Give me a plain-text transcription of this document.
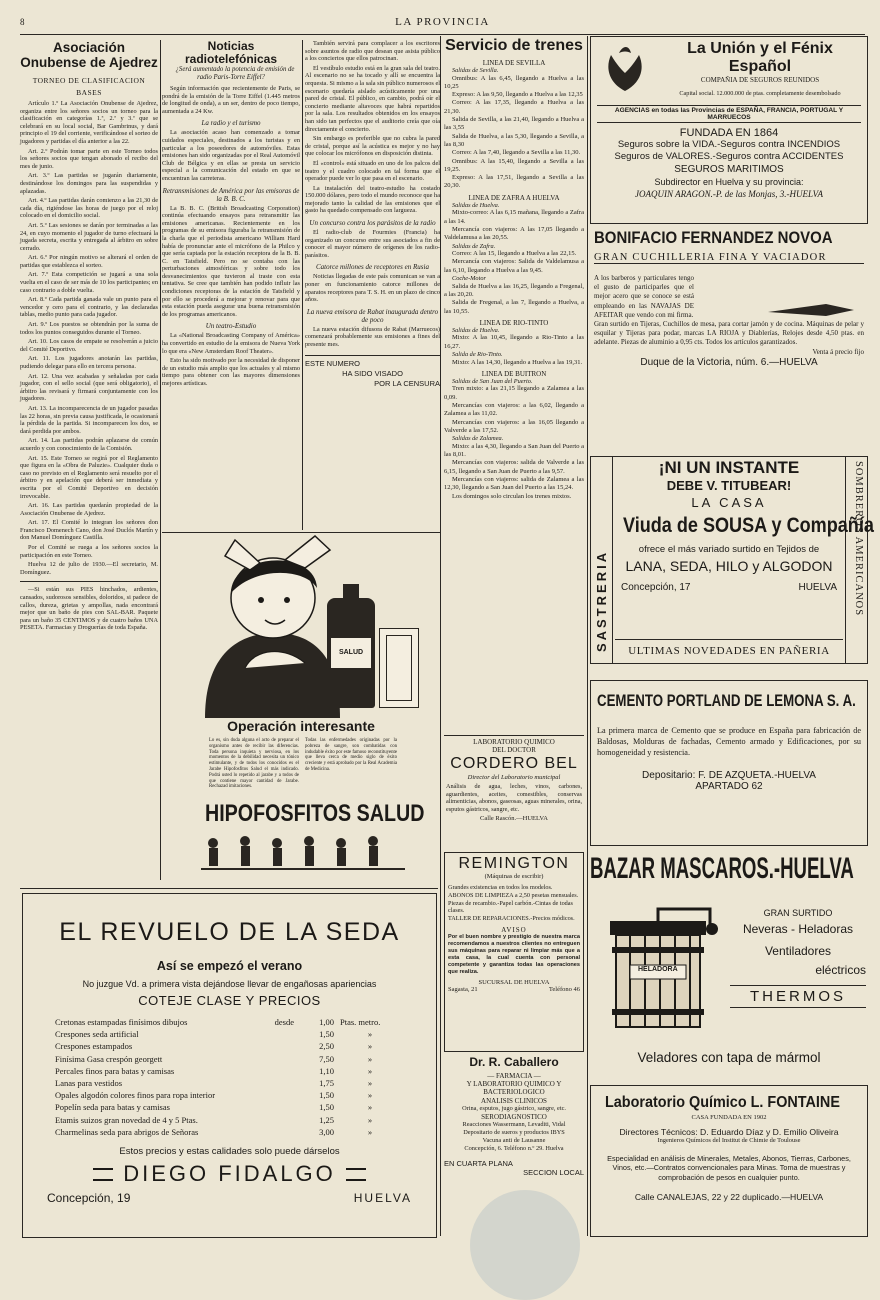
8	LA PROVINCIA
Asociación Onubense de Ajedrez
TORNEO DE CLASIFICACION
BASES

Artículo 1.º La Asociación Onubense de Ajedrez, organiza entre los señores socios un torneo para la clasificación en categorías 1.ª, 2.ª y 3.ª que se celebrará en su local social, Bar Gambrinus, y dará principio el 19 del corriente, verificándose el sorteo de jugadores y partidas el día anterior a las 22.

Art. 2.º Podrán tomar parte en este Torneo todos los señores socios que tengan abonado el recibo del mes de junio.

Art. 3.º Las partidas se jugarán diariamente, destinándose los domingos para las suspendidas y aplazadas.

Art. 4.º Las partidas darán comienzo a las 21,30 de cada día, rigiéndose las horas de juego por el reloj colocado en el domicilio social.

Art. 5.º Las sesiones se darán por terminadas a las 24, en cuyo momento el jugador de turno efectuará la jugada secreta, escrita y entregada al árbitro en sobre cerrado.

Art. 6.º Por ningún motivo se alterará el orden de partidas que establezca el sorteo.

Art. 7.º Esta competición se jugará a una sola vuelta en el caso de ser más de 10 los participantes; en caso contrario a doble vuelta.

Art. 8.º Cada partida ganada vale un punto para el vencedor y cero para el contrario, y las declaradas tablas, medio punto para cada jugador.

Art. 9.º Los puestos se obtendrán por la suma de todos los puntos conseguidos durante el Torneo.

Art. 10. Los casos de empate se resolverán a juicio del Comité Deportivo.

Art. 11. Los jugadores anotarán las partidas, pudiendo delegar para ello en tercera persona.

Art. 12. Una vez acabadas y señaladas por cada jugador, con el sello social (que será obligatorio), el árbitro las revisará y firmará conjuntamente con los jugadores.

Art. 13. La incomparecencia de un jugador pasadas las 22 horas, sin previa causa justificada, le ocasionará la pérdida de la partida. Si incomparecen los dos, se dará perdida por ambos.

Art. 14. Las partidas podrán aplazarse de común acuerdo y con conocimiento de la Comisión.

Art. 15. Este Torneo se regirá por el Reglamento que figura en la «Obra de Paluzie». Cualquier duda o caso no previsto en el Reglamento será resuelto por el árbitro y en apelación que deberá ser inmediata y escrita por el Comité Deportivo en decisión irrevocable.

Art. 16. Las partidas quedarán propiedad de la Asociación Onubense de Ajedrez.

Art. 17. El Comité lo integran los señores don Francisco Domenech Cano, don José Duclós Martín y don Manuel Domínguez Castilla.

Por el Comité se ruega a los señores socios la participación en este Torneo.

Huelva 12 de julio de 1930.—El secretario, M. Domínguez.

—Si están sus PIES hinchados, ardientes, cansados, sudorosos sensibles, doloridos, si padece de callos, dureza, grietas y ampollas, nada encontrará mejor que un baño de pies con SAL-BAR. Paquete para un baño 35 CENTIMOS y de cuatro baños UNA PESETA. Farmacias y Droguerías de toda España.

Noticias radiotelefónicas

¿Será aumentado la potencia de emisión de radio Paris-Torre Eiffel?

Según información que recientemente de Paris, se pondrá de la emisión de la Torre Eiffel (1.445 metros de longitud de onda), a un ser, dentro de poco tiempo, aumentada a 24 Kw.

La radio y el turismo

La asociación acaso han comenzado a tomar cuidados especiales, destinados a los turistas y en particular a los poseedores de automóviles. Estas emisiones han sido organizadas por el Real Automóvil Club de Bélgica y en ellas se presta un servicio especial a la comunicación del estado en que se encuentran las carreteras.

Retransmisiones de América por las emisoras de la B. B. C.

La B. B. C. (British Broadcasting Corporation) continúa efectuando ensayos para retransmitir las emisiones americanas. Recientemente en los programas de su emisora figuraba la retransmisión de la charla que el periodista americano William Hard había de pronunciar ante el micrófono de la Philco y que sería captada por la estación receptora de la B. B. C. en Tatsfield. Pero no se contaba con las perturbaciones atmosféricas y sobre todo los desvanecimientos que tuvieron al traste con esta tentativa. Se cree que también han podido influir las condiciones receptoras de la estación de Tatsfield y por ello se procederá a mejorar y renovar para que esta estación pueda asegurar una buena retransmisión de los programas americanos.

Un teatro-Estudio

La «National Broadcasting Company of América» ha convertido en estudio de la emisora de Nueva York lo que era «New Amsterdam Roof Theater».

Esto ha sido motivado por la necesidad de disponer de un estudio más amplio que los actuales y al mismo tiempo para obtener con las mayores dimensiones mejores artísticas.

También servirá para complacer a los escritores sobre asuntos de radio que desean que asista público a los conciertos que ellos patrocinan.

El vestíbulo estudio está en la gran sala del teatro. Al escenario no se ha tocado y allí se encuentra la orquesta. Si mismo a la sala sin público numerosos el escenario quedaría aislado acústicamente por una pared de cristal. El público, en cambio, podrá oír el concierto mediante altavoces que habrá repartidos por la sala. Los resultados obtenidos en los ensayos han sido tan perfectos que el auditorio creía que oía directamente el concierto.

Sin embargo es preferible que no cubra la pared de cristal, porque así la acústica es mejor y no hay que colocar los micrófonos en disposición distinta.

El «control» está situado en uno de los palcos del teatro y el cuadro colocado en tal forma que el operador puede ver lo que pasa en el escenario.

La instalación del teatro-estudio ha costado 150.000 dólares, pero todo el mundo reconoce que ha mejorado tanto la calidad de las emisiones que el gasto ha quedado compensado con largueza.

Un concurso contra los parásitos de la radio

El radio-club de Fourmies (Francia) ha organizado un concurso entre sus asociados a fin de conocer el mayor número de orígenes de los radio-parásitos.

Catorce millones de receptores en Rusia

Noticias llegadas de este país comunican se van a poner en funcionamiento catorce millones de aparatos receptores para T. S. H. en un plazo de cinco años.

La nueva emisora de Rabat inaugurada dentro de poco

La nueva estación difusora de Rabat (Marruecos) comenzará probablemente sus emisiones a fines del presente mes.

ESTE NUMERO
HA SIDO VISADO
POR LA CENSURA
SALUD
Operación interesante
Lo es, sin duda alguna el acto de preparar el organismo antes de recibir las diferencias. Toda persona inquieta y nerviosa, en los momentos de la debilidad necesita un tónico estimulante, y de todos los conocidos es el Jarabe Hipofosfitos Salud el más indicado. Podrá usted lo repetido al jarabe y a todos de que contiene mayor cantidad de Jarabe. Rechazad imitaciones.
Todas las enfermedades originadas por la pobreza de sangre, son combatidas con indudable éxito por este famoso reconstituyente que lleva cerca de medio siglo de éxito creciente y está aprobado por la Real Academia de Medicina.
HIPOFOSFITOS SALUD
Servicio de trenes
LINEA DE SEVILLA

Salidas de Sevilla.

Omnibus: A las 6,45, llegando a Huelva a las 10,25

Expreso: A las 9,50, llegando a Huelva a las 12,35

Correo: A las 17,35, llegando a Huelva a las 21,30.

Salida de Sevilla, a las 21,40, llegando a Huelva a las 3,55

Salida de Huelva, a las 5,30, llegando a Sevilla, a las 8,30

Correo: A las 7,40, llegando a Sevilla a las 11,30.

Omnibus: A las 15,40, llegando a Sevilla a las 19,25.

Expreso: A las 17,51, llegando a Sevilla a las 20,30.

LINEA DE ZAFRA A HUELVA

Salidas de Huelva.

Mixto-correo: A las 6,15 mañana, llegando a Zafra a las 14.

Mercancía con viajeros: A las 17,05 llegando a Valdelamusa a las 20,55.

Salidas de Zafra.

Correo: A las 15, llegando a Huelva a las 22,15.

Mercancía con viajeros: Salida de Valdelamusa a las 6,10, llegando a Huelva a las 9,45.

Coche-Motor

Salida de Huelva a las 16,25, llegando a Fregenal, a las 20,20.

Salida de Fregenal, a las 7, llegando a Huelva, a las 10,55.

LINEA DE RIO-TINTO

Salidas de Huelva.

Mixto: A las 10,45, llegando a Rio-Tinto a las 16,27.

Salida de Rio-Tinto.

Mixto: A las 14,30, llegando a Huelva a las 19,31.

LINEA DE BUITRON

Salidas de San Juan del Puerto.

Tren mixto: a las 21,15 llegando a Zalamea a las 0,09.

Mercancías con viajeros: a las 6,02, llegando a Zalamea a las 11,02.

Mercancías con viajeros: a las 16,05 llegando a Valverde a las 17,52.

Salidas de Zalamea.

Mixto: a las 4,30, llegando a San Juan del Puerto a las 8,01.

Mercancías con viajeros: salida de Valverde a las 6,15, llegando a San Juan de Puerto a las 9,57.

Mercancías con viajeros: salida de Zalamea a las 12,30, llegando a San Juan del Puerto a las 15,24.

Los domingos solo circulan los trenes mixtos.

LABORATORIO QUIMICO
DEL DOCTOR
CORDERO BEL
Director del Laboratorio municipal
Análisis de agua, leches, vinos, carbones, aguardientes, aceites, comestibles, conservas alimenticias, abonos, gaseosas, aguas minerales, orina, esputos gástricos, sangre, etc.
Calle Rascón.—HUELVA
REMINGTON
(Máquinas de escribir)
Grandes existencias en todos los modelos.
ABONOS DE LIMPIEZA a 2,50 pesetas mensuales.
Piezas de recambio.-Papel carbón.-Cintas de todas clases.
TALLER DE REPARACIONES.-Precios módicos.
AVISO
Por el buen nombre y prestigio de nuestra marca recomendamos a nuestros clientes no entreguen sus máquinas para reparar ni limpiar más que a esta casa, la cual cuenta con personal competente y garantiza todas las operaciones que realiza.
SUCURSAL DE HUELVA
Sagasta, 21	Teléfono 46
Dr. R. Caballero
— FARMACIA —
Y LABORATORIO QUIMICO Y BACTERIOLOGICO
ANALISIS CLINICOS
Orina, esputos, jugo gástrico, sangre, etc.
SERODIAGNOSTICO
Reacciones Wassermann, Levaditi, Vidal
Depositario de sueros y productos IBYS
Vacuna anti de Lausanne
Concepción, 6. Teléfono n.º 29. Huelva
EN CUARTA PLANA
SECCION LOCAL
La Unión y el Fénix Español
COMPAÑIA DE SEGUROS REUNIDOS
Capital social. 12.000.000 de ptas. completamente desembolsado
AGENCIAS en todas las Provincias de ESPAÑA, FRANCIA, PORTUGAL Y MARRUECOS
FUNDADA EN 1864
Seguros sobre la VIDA.-Seguros contra INCENDIOS
Seguros de VALORES.-Seguros contra ACCIDENTES
SEGUROS MARITIMOS
Subdirector en Huelva y su provincia:
JOAQUIN ARAGON.-P. de las Monjas, 3.-HUELVA
BONIFACIO FERNANDEZ NOVOA
GRAN CUCHILLERIA FINA Y VACIADOR
A los barberos y particulares tengo el gusto de participarles que el mejor acero que se conoce se está empleando en las NAVAJAS DE AFEITAR que vendo con mi firma.
Gran surtido en Tijeras, Cuchillos de mesa, para cortar jamón y de cocina. Máquinas de pelar y esquilar y Tijeras para podar, marcas LA RIOJA y Diablerías, Relojes desde 4,50 ptas. en adelante. Piezas de aluminio a 0,95 cts. Todos los artículos garantizados.
Venta á precio fijo
Duque de la Victoria, núm. 6.—HUELVA
SASTRERIA	SOMBREROS AMERICANOS
¡NI UN INSTANTE
DEBE V. TITUBEAR!
LA CASA
Viuda de SOUSA y Compañía
ofrece el más variado surtido en Tejidos de
LANA, SEDA, HILO y ALGODON
Concepción, 17	HUELVA
ULTIMAS NOVEDADES EN PAÑERIA
CEMENTO PORTLAND DE LEMONA S. A.
La primera marca de Cemento que se produce en España para fabricación de Baldosas, Molduras de fachadas, Cemento armado y Edificaciones, por su homogeneidad y resistencia.
Depositario: F. DE AZQUETA.-HUELVA
APARTADO 62
BAZAR MASCAROS.-HUELVA
HELADORA
GRAN SURTIDO
Neveras - Heladoras
Ventiladores
eléctricos
THERMOS
Veladores con tapa de mármol
Laboratorio Químico L. FONTAINE
CASA FUNDADA EN 1902
Directores Técnicos: D. Eduardo Díaz y D. Emilio Oliveira
Ingenieros Químicos del Institut de Chimie de Toulouse
Especialidad en análisis de Minerales, Metales, Abonos, Tierras, Carbones, Vinos, etc.—Contratos convencionales para Minas. Toma de muestras y comprobación de pesos en cualquier punto.
Calle CANALEJAS, 22 y 22 duplicado.—HUELVA
EL REVUELO DE LA SEDA
Así se empezó el verano
No juzgue Vd. a primera vista dejándose llevar de engañosas apariencias
COTEJE CLASE Y PRECIOS
Cretonas estampadas finísimos dibujos	desde	1,00 Ptas. metro.
Crespones seda artificial	1,50	»
Crespones estampados	2,50	»
Finísima Gasa crespón georgett	7,50	»
Percales finos para batas y camisas	1,10	»
Lanas para vestidos	1,75	»
Opales algodón colores finos para ropa interior	1,50	»
Popelín seda para batas y camisas	1,50	»
Etamis suizos gran novedad de 4 y 5 Ptas.	1,25	»
Charmelinas seda para abrigos de Señoras	3,00	»
Estos precios y estas calidades solo puede dárselos
DIEGO FIDALGO
Concepción, 19	HUELVA
